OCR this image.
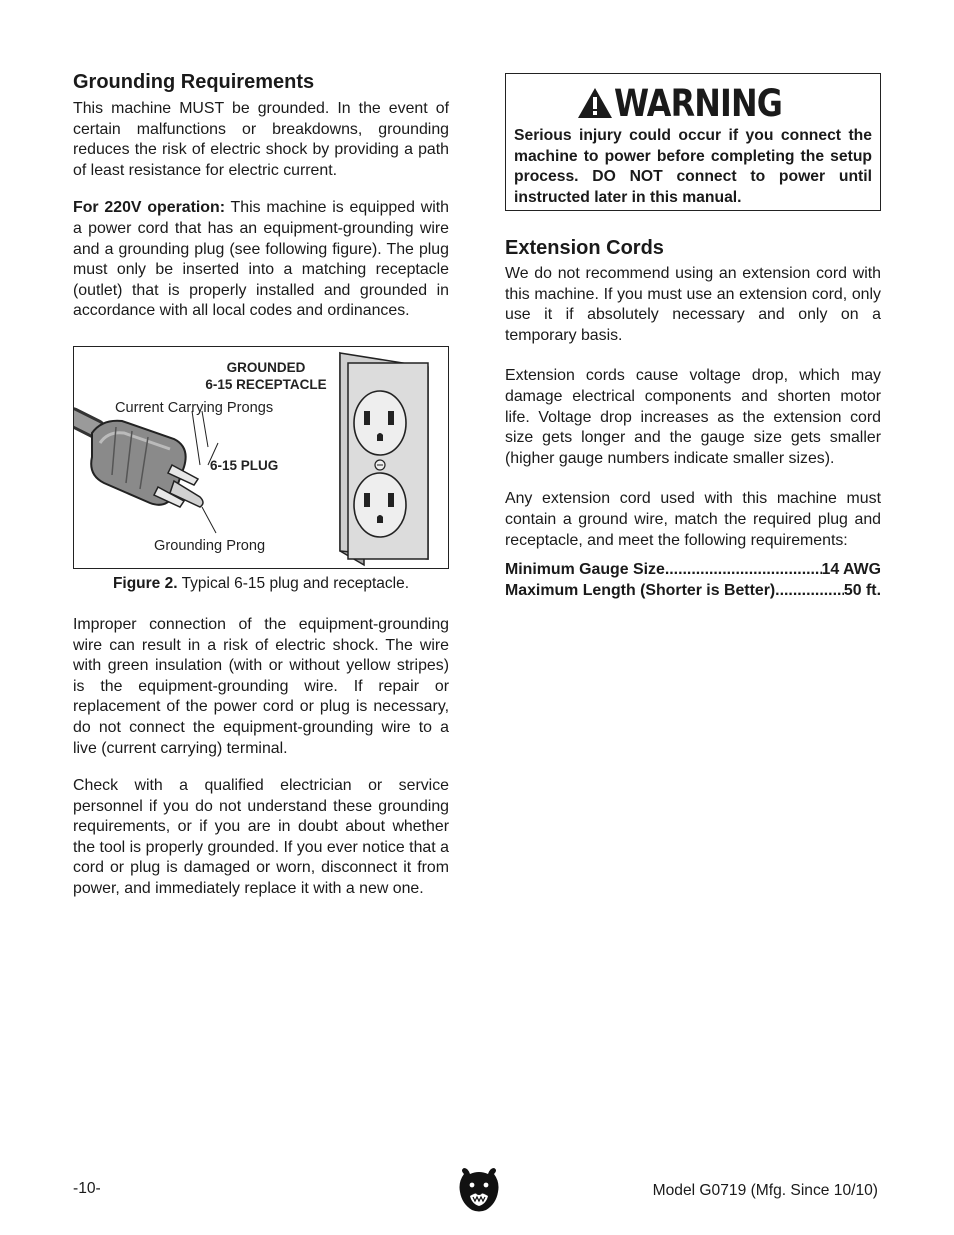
Grounding Requirements

This machine MUST be grounded. In the event of certain malfunctions or breakdowns, grounding reduces the risk of electric shock by providing a path of least resistance for electric current.

For 220V operation: This machine is equipped with a power cord that has an equipment-grounding wire and a grounding plug (see following figure). The plug must only be inserted into a matching receptacle (outlet) that is properly installed and grounded in accordance with all local codes and ordinances.

GROUNDED
6-15 RECEPTACLE
Current Carrying Prongs
6-15 PLUG
Grounding Prong

Figure 2. Typical 6-15 plug and receptacle.

Improper connection of the equipment-grounding wire can result in a risk of electric shock. The wire with green insulation (with or without yellow stripes) is the equipment-grounding wire. If repair or replacement of the power cord or plug is necessary, do not connect the equipment-grounding wire to a live (current carrying) terminal.

Check with a qualified electrician or service personnel if you do not understand these grounding requirements, or if you are in doubt about whether the tool is properly grounded. If you ever notice that a cord or plug is damaged or worn, disconnect it from power, and immediately replace it with a new one.

WARNING

Serious injury could occur if you connect the machine to power before completing the setup process. DO NOT connect to power until instructed later in this manual.

Extension Cords

We do not recommend using an extension cord with this machine. If you must use an extension cord, only use it if absolutely necessary and only on a temporary basis.

Extension cords cause voltage drop, which may damage electrical components and shorten motor life. Voltage drop increases as the extension cord size gets longer and the gauge size gets smaller (higher gauge numbers indicate smaller sizes).

Any extension cord used with this machine must contain a ground wire, match the required plug and receptacle, and meet the following requirements:

Minimum Gauge Size .....	14 AWG
Maximum Length (Shorter is Better) .....	50 ft.
-10-	Model G0719 (Mfg. Since 10/10)
